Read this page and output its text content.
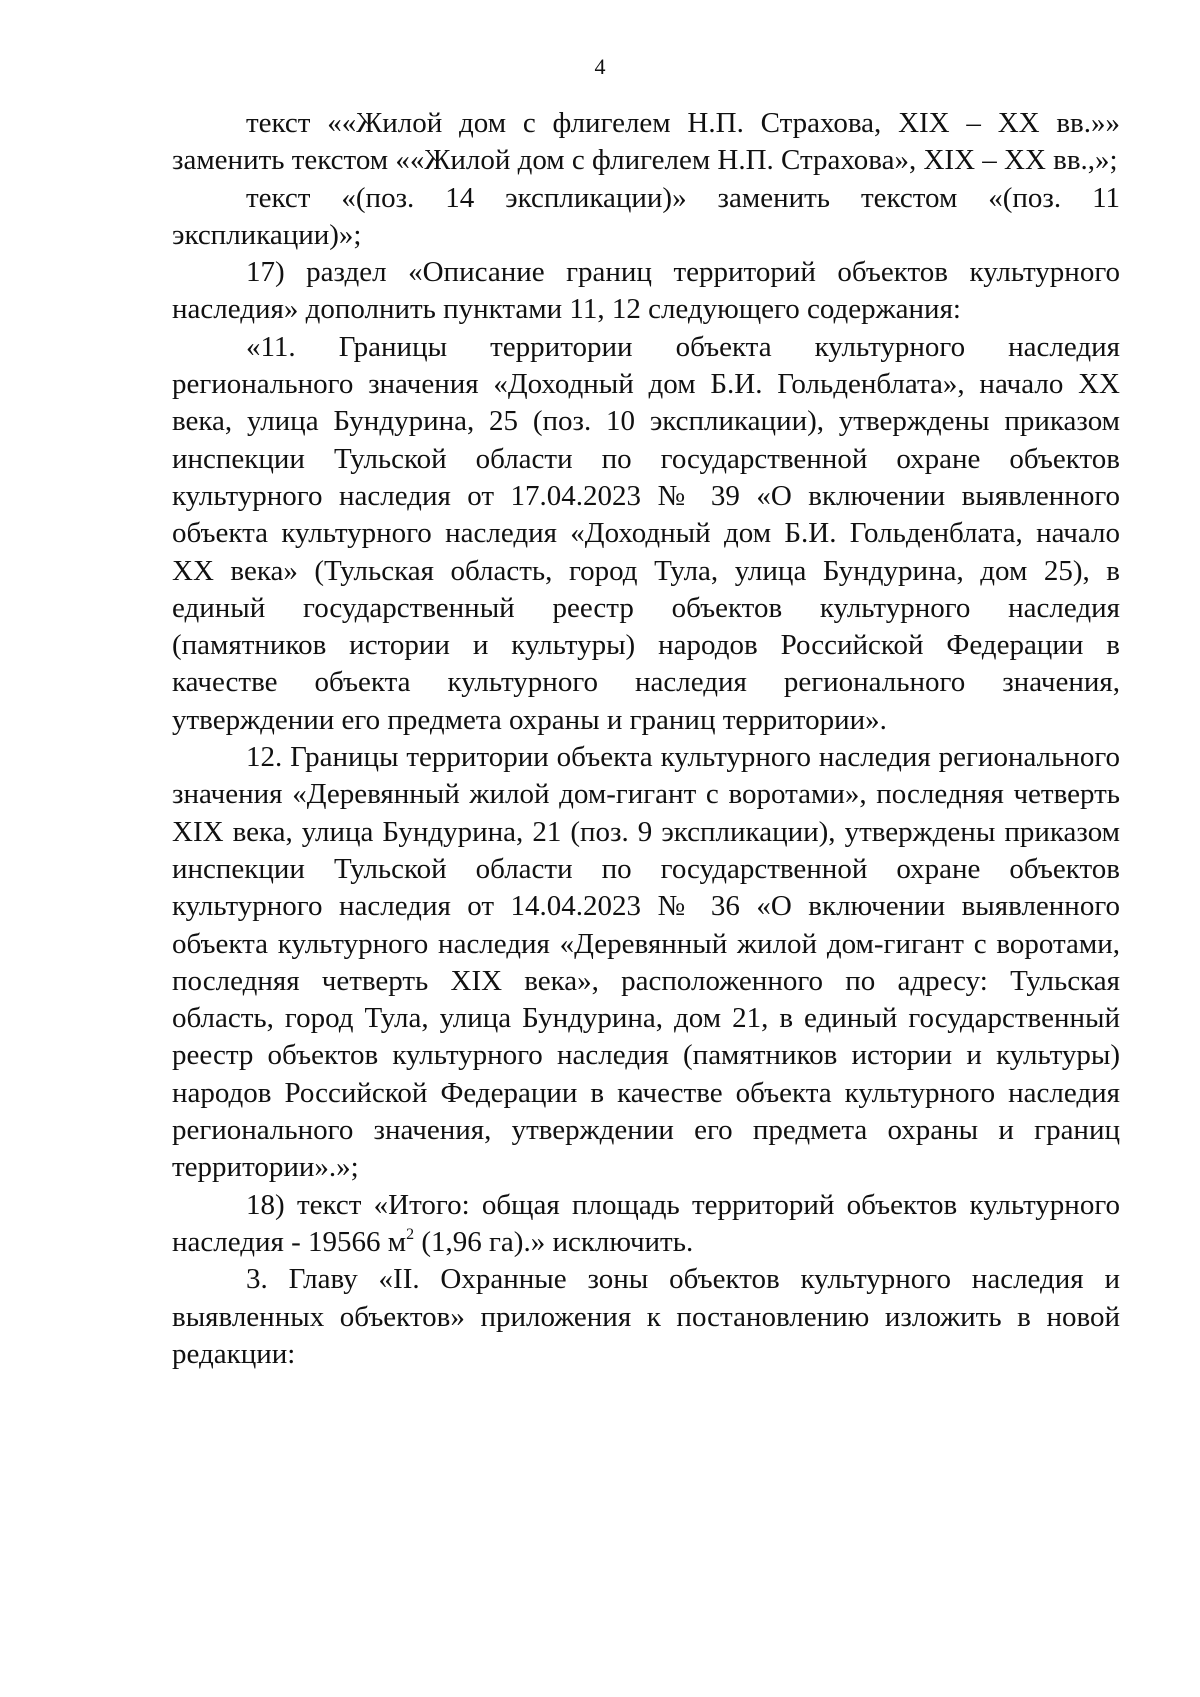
4

текст ««Жилой дом с флигелем Н.П. Страхова, XIX – XX вв.»» заменить текстом ««Жилой дом с флигелем Н.П. Страхова», XIX – XX вв.,»;

текст «(поз. 14 экспликации)» заменить текстом «(поз. 11 экспликации)»;

17) раздел «Описание границ территорий объектов культурного наследия» дополнить пунктами 11, 12 следующего содержания:

«11. Границы территории объекта культурного наследия регионального значения «Доходный дом Б.И. Гольденблата», начало XX века, улица Бундурина, 25 (поз. 10 экспликации), утверждены приказом инспекции Тульской области по государственной охране объектов культурного наследия от 17.04.2023 № 39 «О включении выявленного объекта культурного наследия «Доходный дом Б.И. Гольденблата, начало XX века» (Тульская область, город Тула, улица Бундурина, дом 25), в единый государственный реестр объектов культурного наследия (памятников истории и культуры) народов Российской Федерации в качестве объекта культурного наследия регионального значения, утверждении его предмета охраны и границ территории».

12. Границы территории объекта культурного наследия регионального значения «Деревянный жилой дом-гигант с воротами», последняя четверть XIX века, улица Бундурина, 21 (поз. 9 экспликации), утверждены приказом инспекции Тульской области по государственной охране объектов культурного наследия от 14.04.2023 № 36 «О включении выявленного объекта культурного наследия «Деревянный жилой дом-гигант с воротами, последняя четверть XIX века», расположенного по адресу: Тульская область, город Тула, улица Бундурина, дом 21, в единый государственный реестр объектов культурного наследия (памятников истории и культуры) народов Российской Федерации в качестве объекта культурного наследия регионального значения, утверждении его предмета охраны и границ территории».»;

18) текст «Итого: общая площадь территорий объектов культурного наследия - 19566 $м^2$ (1,96 га).» исключить.

3. Главу «II. Охранные зоны объектов культурного наследия и выявленных объектов» приложения к постановлению изложить в новой редакции:
